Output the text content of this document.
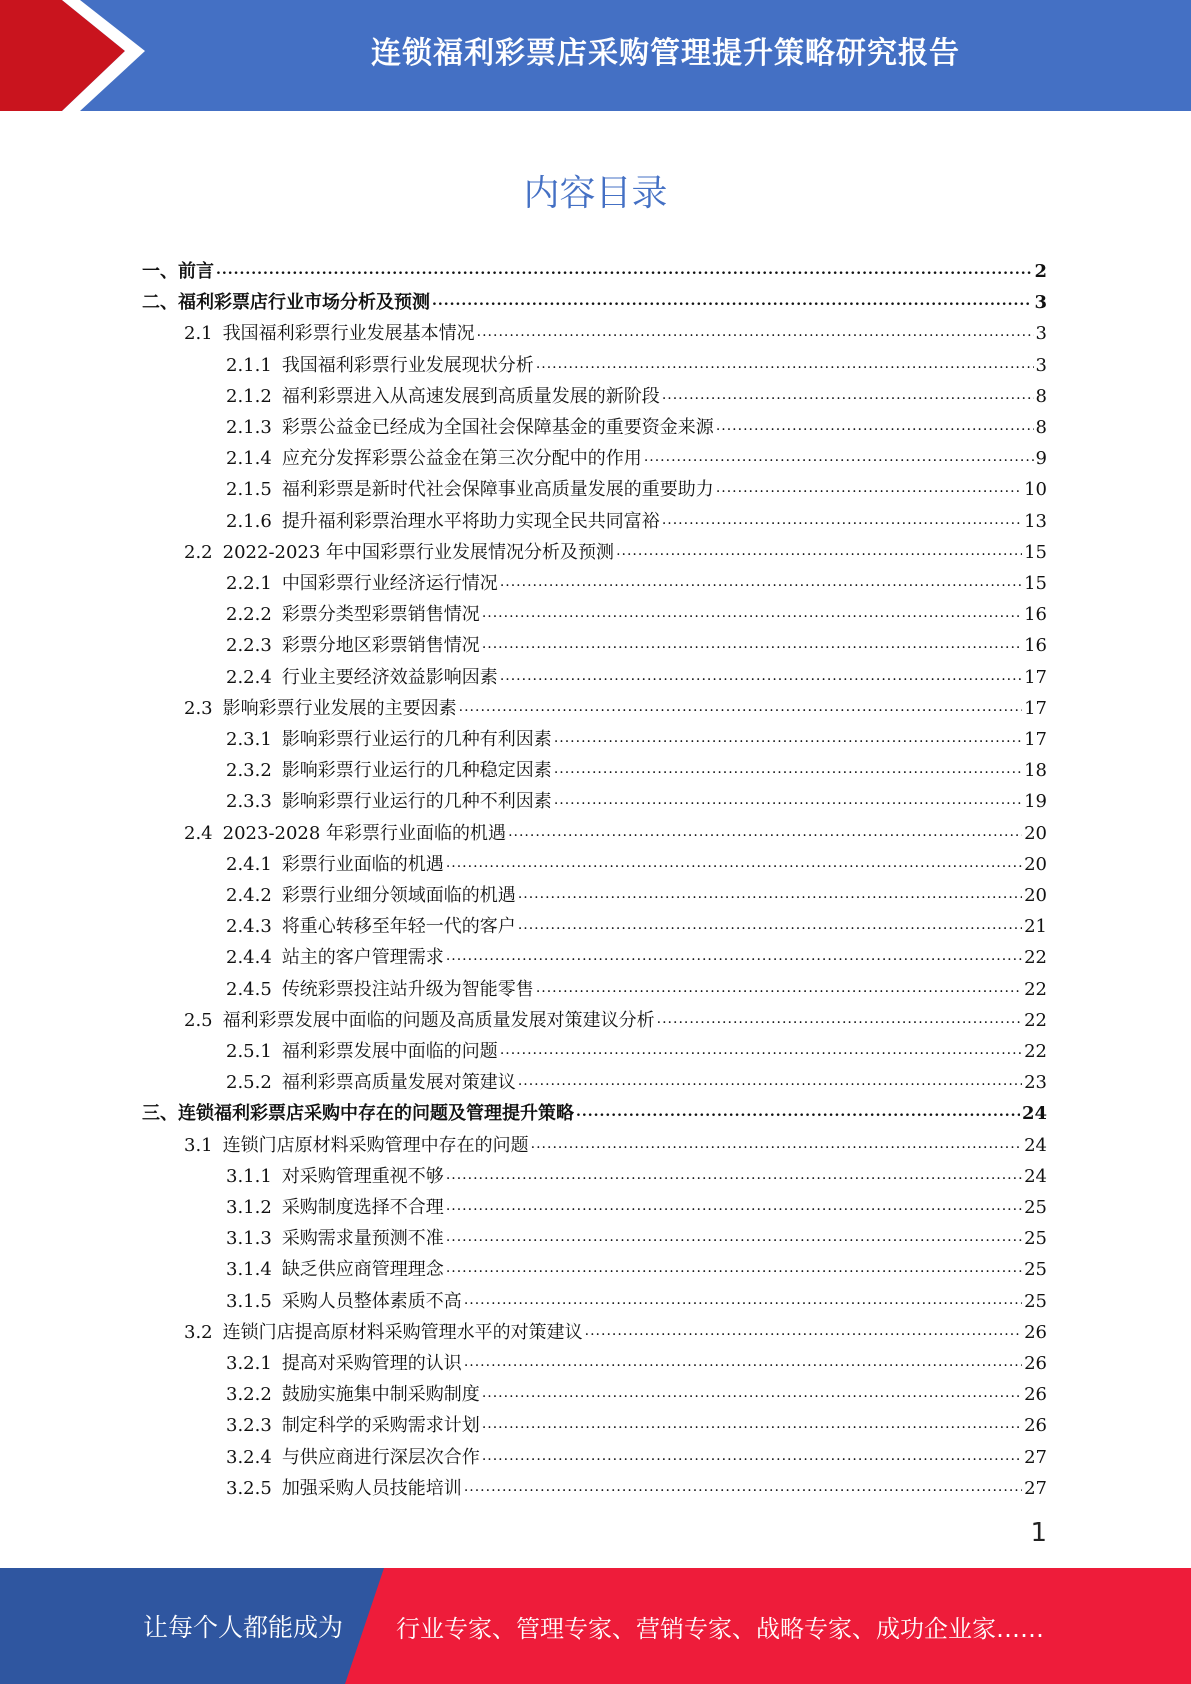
连锁福利彩票店采购管理提升策略研究报告
内容目录
一、前言 .....	2
二、福利彩票店行业市场分析及预测 .....	3
2.1 我国福利彩票行业发展基本情况 .....	3
2.1.1 我国福利彩票行业发展现状分析 .....	3
2.1.2 福利彩票进入从高速发展到高质量发展的新阶段 .....	8
2.1.3 彩票公益金已经成为全国社会保障基金的重要资金来源 .....	8
2.1.4 应充分发挥彩票公益金在第三次分配中的作用 .....	9
2.1.5 福利彩票是新时代社会保障事业高质量发展的重要助力 .....	10
2.1.6 提升福利彩票治理水平将助力实现全民共同富裕 .....	13
2.2 2022-2023 年中国彩票行业发展情况分析及预测 .....	15
2.2.1 中国彩票行业经济运行情况 .....	15
2.2.2 彩票分类型彩票销售情况 .....	16
2.2.3 彩票分地区彩票销售情况 .....	16
2.2.4 行业主要经济效益影响因素 .....	17
2.3 影响彩票行业发展的主要因素 .....	17
2.3.1 影响彩票行业运行的几种有利因素 .....	17
2.3.2 影响彩票行业运行的几种稳定因素 .....	18
2.3.3 影响彩票行业运行的几种不利因素 .....	19
2.4 2023-2028 年彩票行业面临的机遇 .....	20
2.4.1 彩票行业面临的机遇 .....	20
2.4.2 彩票行业细分领域面临的机遇 .....	20
2.4.3 将重心转移至年轻一代的客户 .....	21
2.4.4 站主的客户管理需求 .....	22
2.4.5 传统彩票投注站升级为智能零售 .....	22
2.5 福利彩票发展中面临的问题及高质量发展对策建议分析 .....	22
2.5.1 福利彩票发展中面临的问题 .....	22
2.5.2 福利彩票高质量发展对策建议 .....	23
三、连锁福利彩票店采购中存在的问题及管理提升策略 .....	24
3.1 连锁门店原材料采购管理中存在的问题 .....	24
3.1.1 对采购管理重视不够 .....	24
3.1.2 采购制度选择不合理 .....	25
3.1.3 采购需求量预测不准 .....	25
3.1.4 缺乏供应商管理理念 .....	25
3.1.5 采购人员整体素质不高 .....	25
3.2 连锁门店提高原材料采购管理水平的对策建议 .....	26
3.2.1 提高对采购管理的认识 .....	26
3.2.2 鼓励实施集中制采购制度 .....	26
3.2.3 制定科学的采购需求计划 .....	26
3.2.4 与供应商进行深层次合作 .....	27
3.2.5 加强采购人员技能培训 .....	27
1
让每个人都能成为 行业专家、管理专家、营销专家、战略专家、成功企业家……
